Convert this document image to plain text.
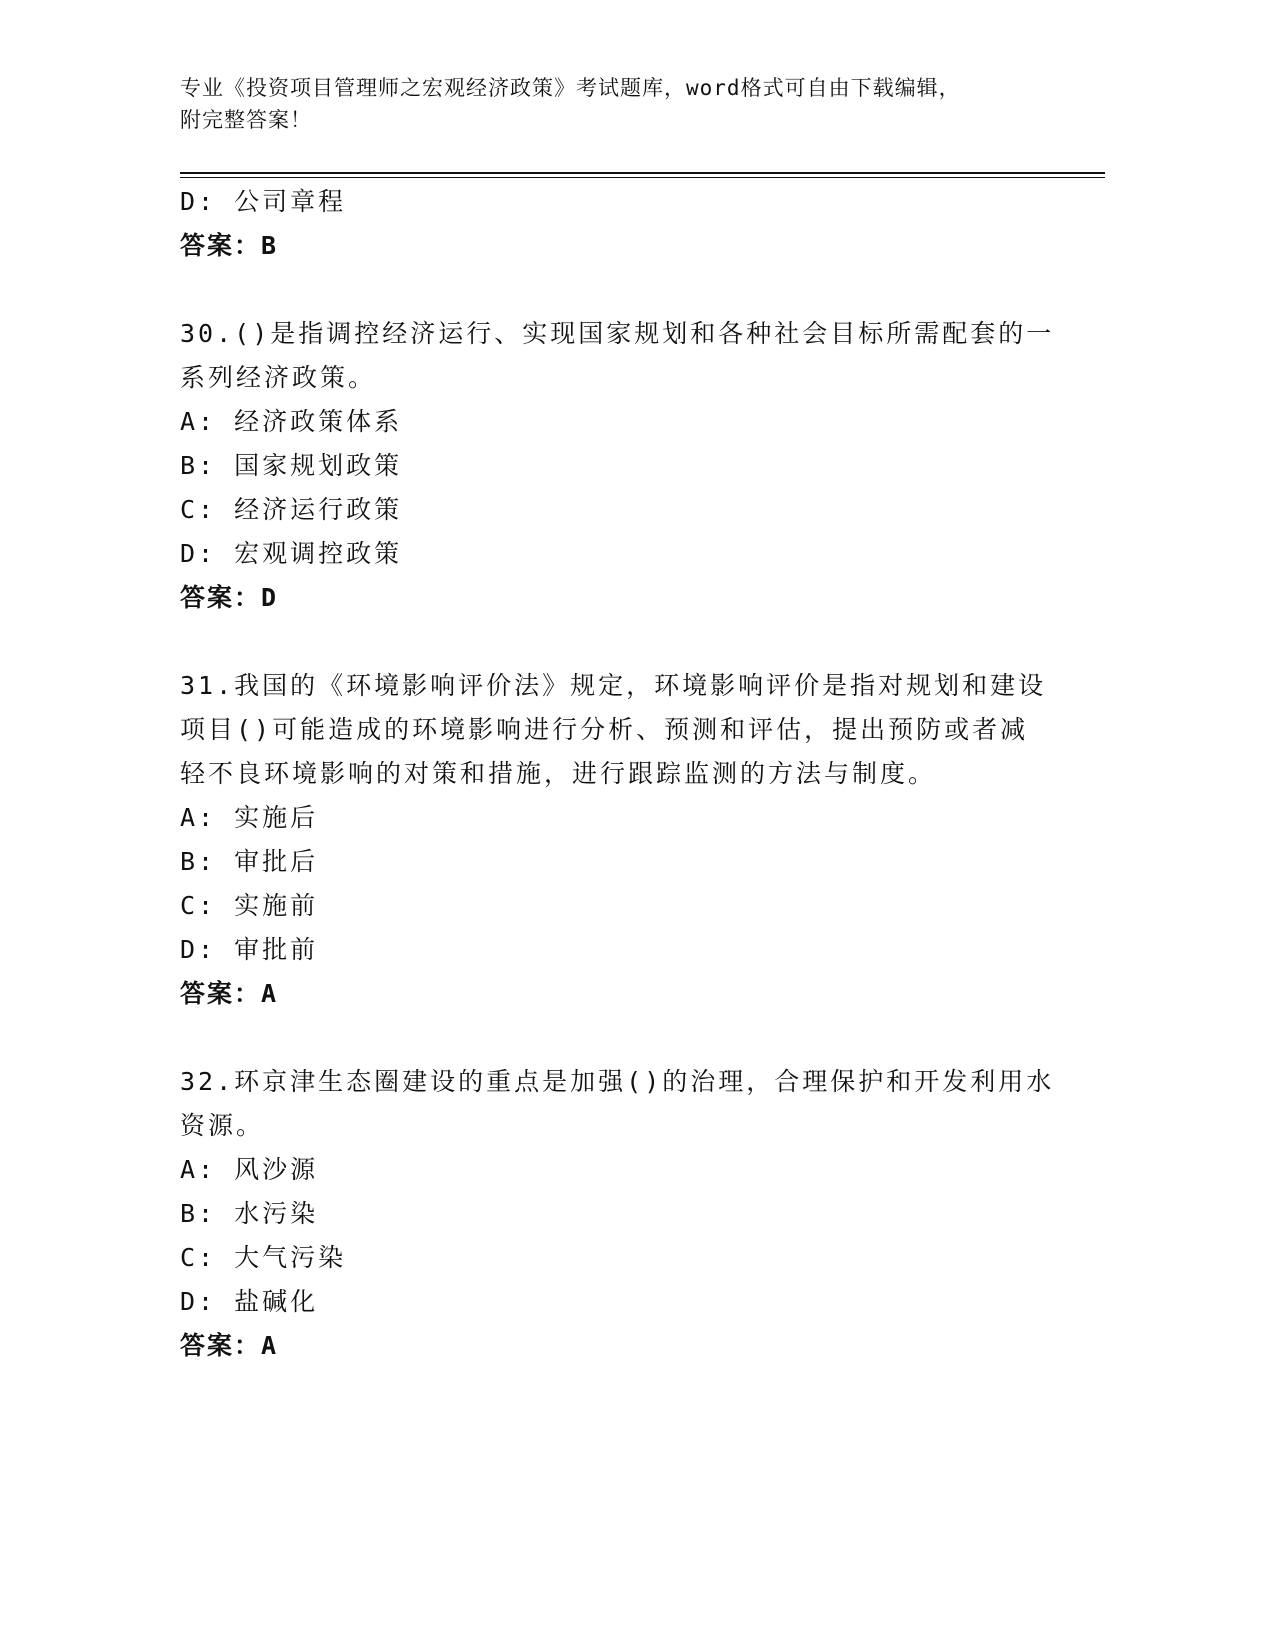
专业《投资项目管理师之宏观经济政策》考试题库，word格式可自由下载编辑，
附完整答案！
D: 公司章程
答案：B
30.()是指调控经济运行、实现国家规划和各种社会目标所需配套的一
系列经济政策。
A: 经济政策体系
B: 国家规划政策
C: 经济运行政策
D: 宏观调控政策
答案：D
31.我国的《环境影响评价法》规定，环境影响评价是指对规划和建设
项目()可能造成的环境影响进行分析、预测和评估，提出预防或者减
轻不良环境影响的对策和措施，进行跟踪监测的方法与制度。
A: 实施后
B: 审批后
C: 实施前
D: 审批前
答案：A
32.环京津生态圈建设的重点是加强()的治理，合理保护和开发利用水
资源。
A: 风沙源
B: 水污染
C: 大气污染
D: 盐碱化
答案：A
